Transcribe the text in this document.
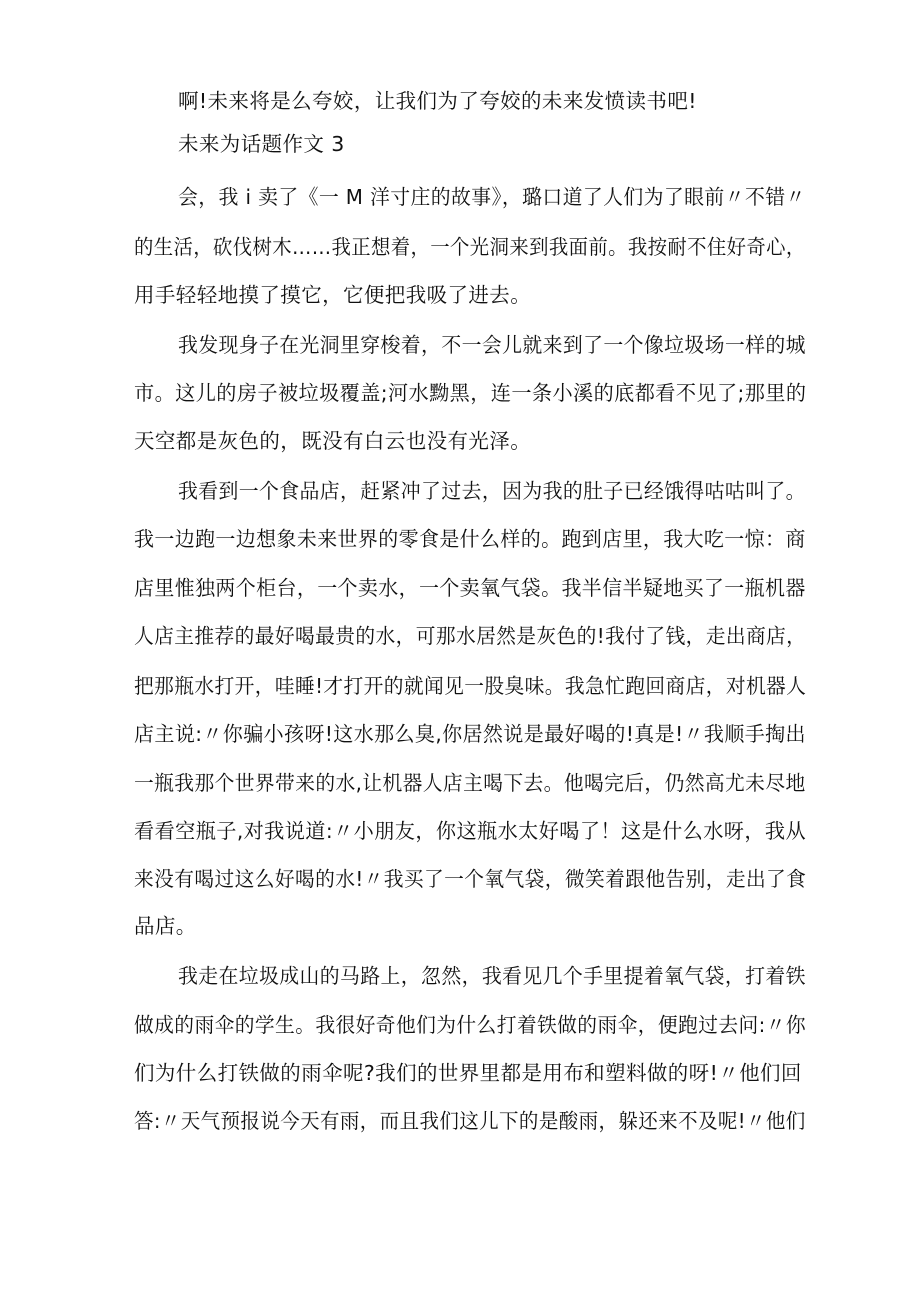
啊!未来将是么夸姣，让我们为了夸姣的未来发愤读书吧!
未来为话题作文 3
会，我 i 卖了《一 M 洋寸庄的故事》，璐口道了人们为了眼前〃不错〃
的生活，砍伐树木……我正想着，一个光洞来到我面前。我按耐不住好奇心，
用手轻轻地摸了摸它，它便把我吸了进去。
我发现身子在光洞里穿梭着，不一会儿就来到了一个像垃圾场一样的城
市。这儿的房子被垃圾覆盖;河水黝黑，连一条小溪的底都看不见了;那里的
天空都是灰色的，既没有白云也没有光泽。
我看到一个食品店，赶紧冲了过去，因为我的肚子已经饿得咕咕叫了。
我一边跑一边想象未来世界的零食是什么样的。跑到店里，我大吃一惊：商
店里惟独两个柜台，一个卖水，一个卖氧气袋。我半信半疑地买了一瓶机器
人店主推荐的最好喝最贵的水，可那水居然是灰色的!我付了钱，走出商店，
把那瓶水打开，哇睡!才打开的就闻见一股臭味。我急忙跑回商店，对机器人
店主说:〃你骗小孩呀!这水那么臭,你居然说是最好喝的!真是!〃我顺手掏出
一瓶我那个世界带来的水,让机器人店主喝下去。他喝完后，仍然高尤未尽地
看看空瓶子,对我说道:〃小朋友，你这瓶水太好喝了！这是什么水呀，我从
来没有喝过这么好喝的水!〃我买了一个氧气袋，微笑着跟他告别，走出了食
品店。
我走在垃圾成山的马路上，忽然，我看见几个手里提着氧气袋，打着铁
做成的雨伞的学生。我很好奇他们为什么打着铁做的雨伞，便跑过去问:〃你
们为什么打铁做的雨伞呢?我们的世界里都是用布和塑料做的呀!〃他们回
答:〃天气预报说今天有雨，而且我们这儿下的是酸雨，躲还来不及呢!〃他们
